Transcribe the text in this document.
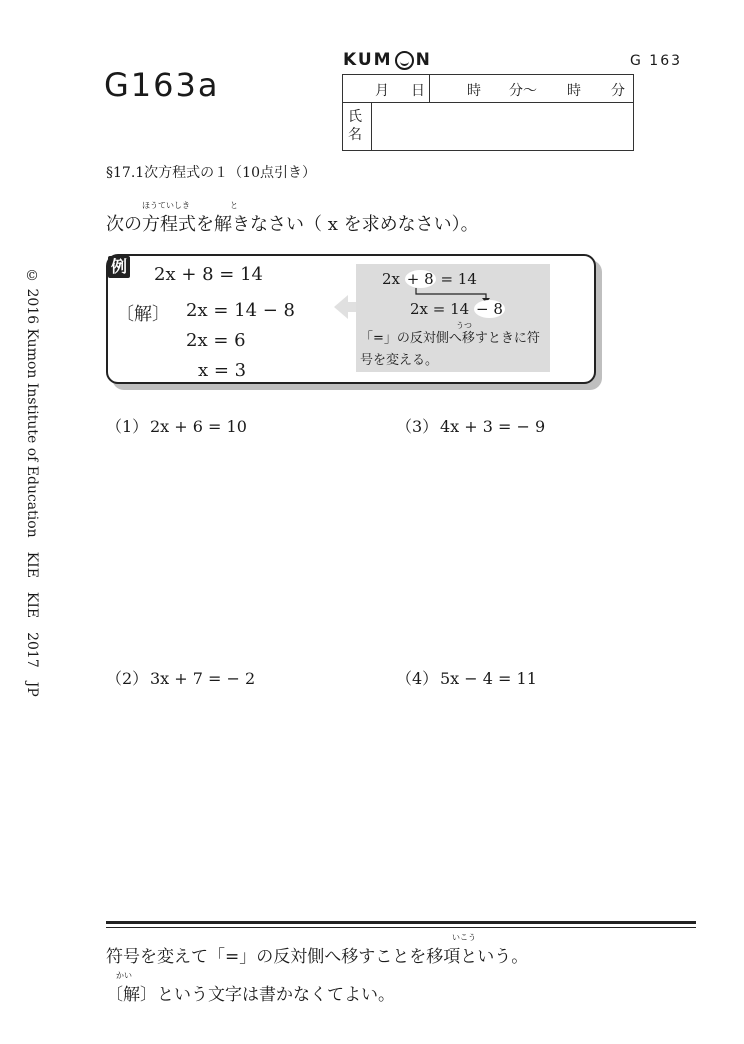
G163a
G 163
KUM N
月 日	時 分〜 時 分
氏名
§17.1次方程式の１（10点引き）
ほうていしき	と
次の方程式を解きなさい（ x を求めなさい）。
例 2x + 8 = 14
〔解〕 2x = 14 − 8
2x = 6
x = 3
2x + 8 = 14
2x = 14 − 8
うつ
「=」の反対側へ移すときに符号を変える。
（1） 2x + 6 = 10	（3） 4x + 3 = − 9
（2） 3x + 7 = − 2	（4） 5x − 4 = 11
いこう
符号を変えて「=」の反対側へ移すことを移項という。
かい
〔解〕という文字は書かなくてよい。
© 2016 Kumon Institute of Education　KIE　KIE　2017　JP
